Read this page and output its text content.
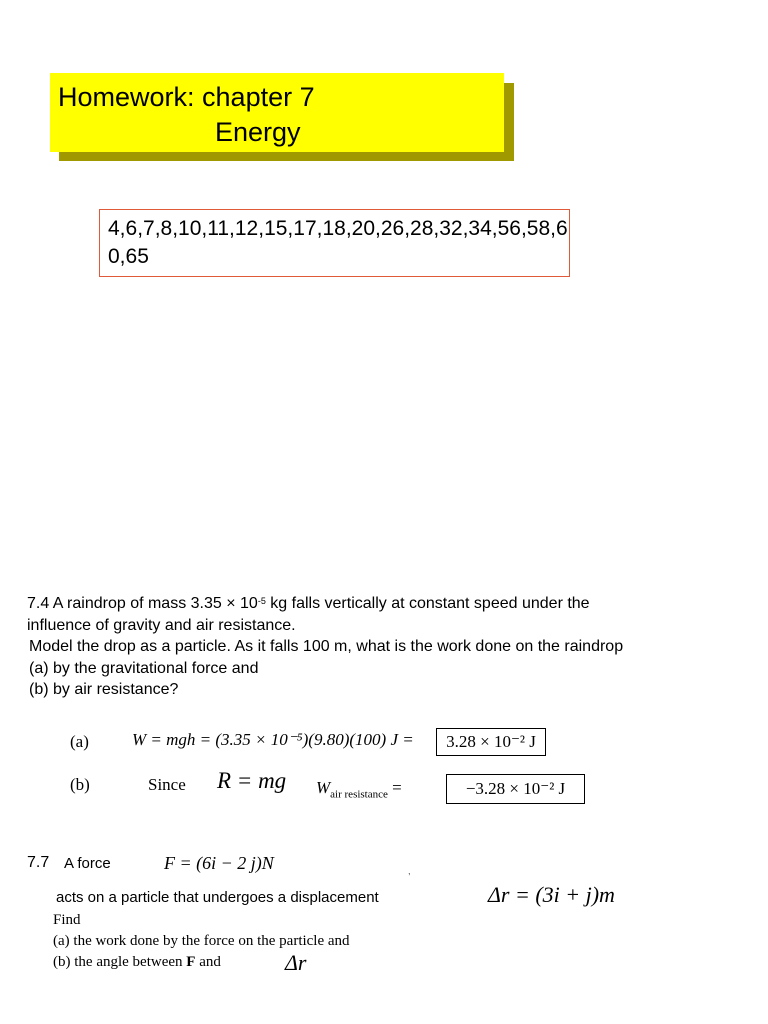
Homework: chapter 7
Energy
4,6,7,8,10,11,12,15,17,18,20,26,28,32,34,56,58,60,65
7.4 A raindrop of mass $3.35 \times 10^{-5}$ kg falls vertically at constant speed under the
influence of gravity and air resistance.
Model the drop as a particle. As it falls 100 m, what is the work done on the raindrop
(a) by the gravitational force and
(b) by air resistance?
(a)	W = mgh = (3.35 × 10⁻⁵)(9.80)(100) J =	3.28 × 10⁻² J
(b)	Since R = mg $W_{air resistance}$ =	−3.28 × 10⁻² J
7.7 A force	F = (6i − 2 j)N	,
acts on a particle that undergoes a displacement	Δr = (3i + j)m
Find
(a) the work done by the force on the particle and
(b) the angle between F and	Δr
